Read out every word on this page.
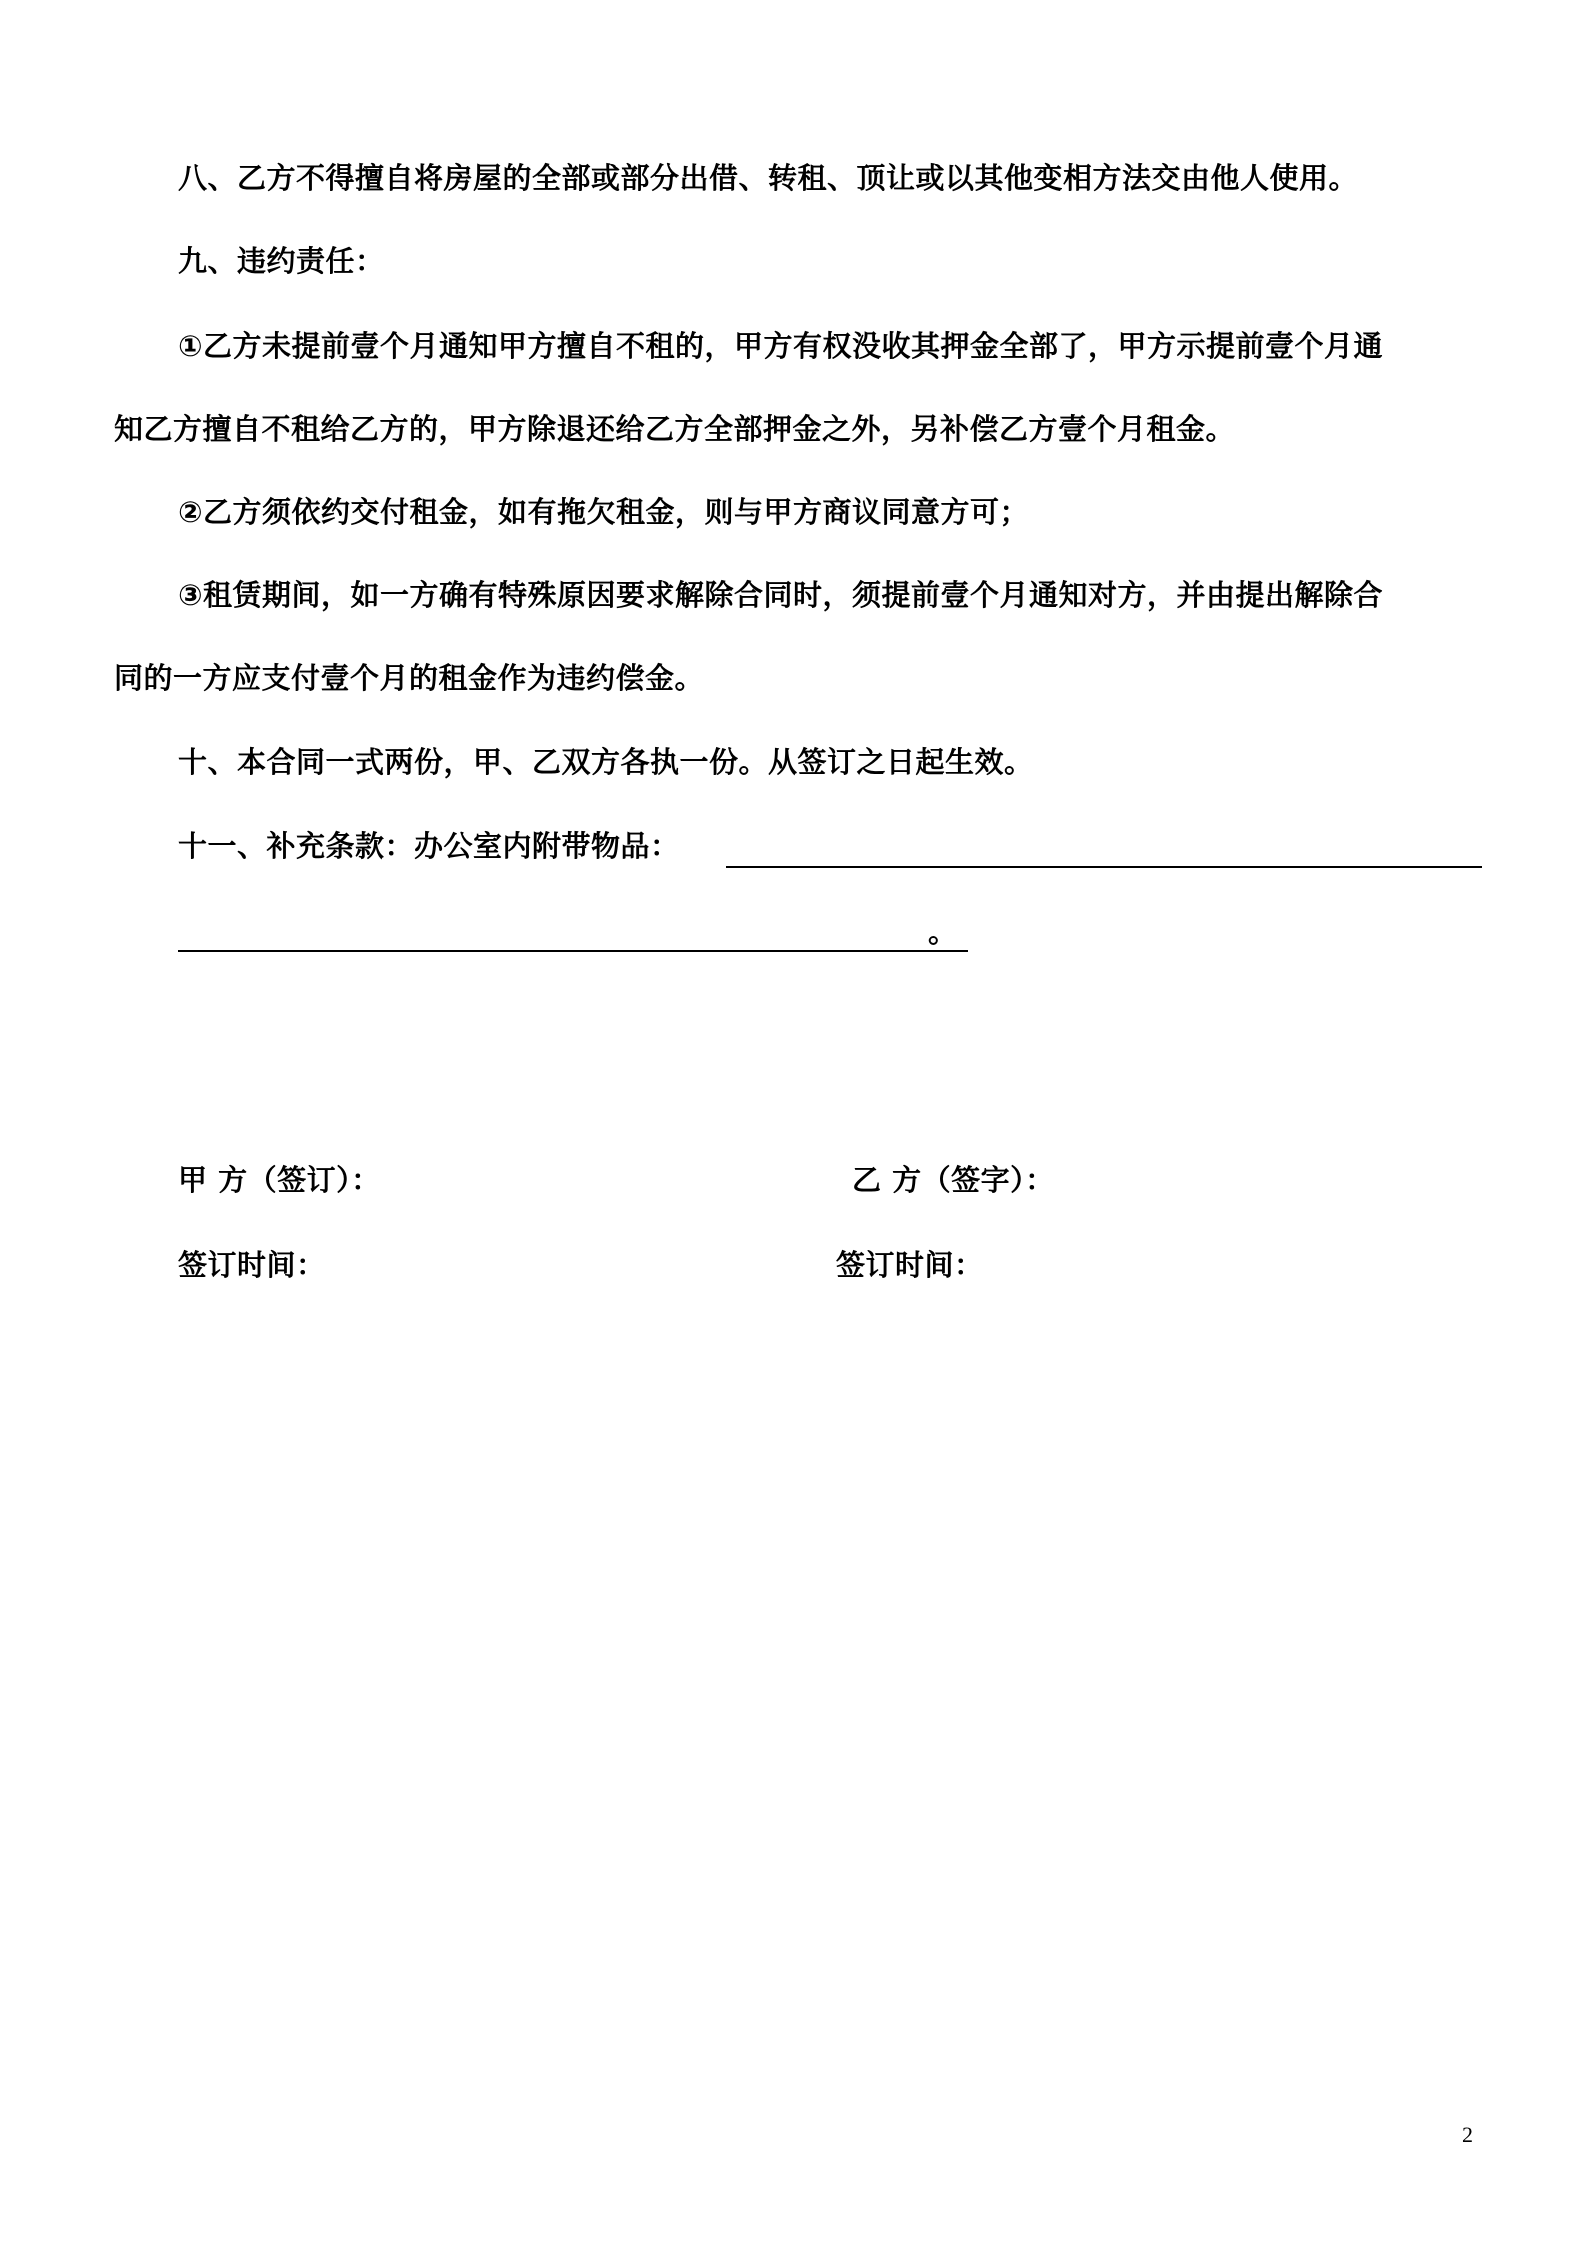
八、乙方不得擅自将房屋的全部或部分出借、转租、顶让或以其他变相方法交由他人使用。
九、违约责任：
①乙方未提前壹个月通知甲方擅自不租的，甲方有权没收其押金全部了，甲方示提前壹个月通
知乙方擅自不租给乙方的，甲方除退还给乙方全部押金之外，另补偿乙方壹个月租金。
②乙方须依约交付租金，如有拖欠租金，则与甲方商议同意方可；
③租赁期间，如一方确有特殊原因要求解除合同时，须提前壹个月通知对方，并由提出解除合
同的一方应支付壹个月的租金作为违约偿金。
十、本合同一式两份，甲、乙双方各执一份。从签订之日起生效。
十一、补充条款：办公室内附带物品：
。
甲 方（签订）：	乙 方（签字）：
签订时间：	签订时间：
2
